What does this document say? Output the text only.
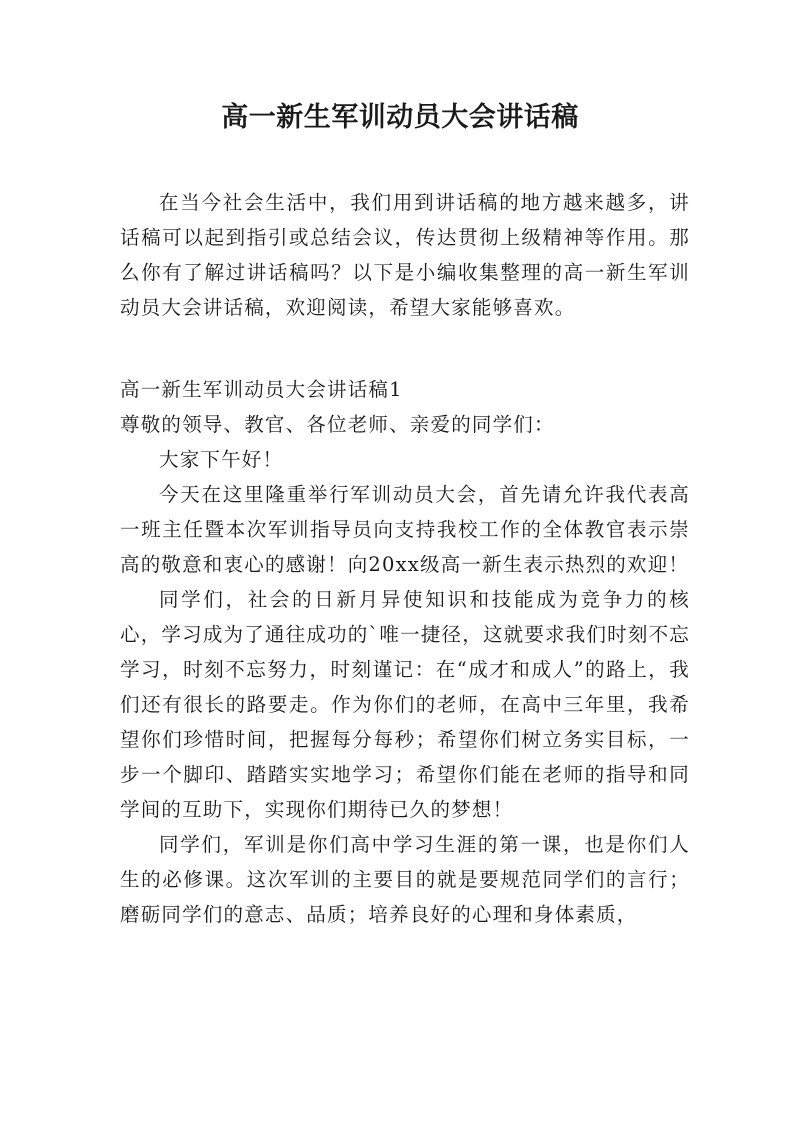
高一新生军训动员大会讲话稿

在当今社会生活中，我们用到讲话稿的地方越来越多，讲话稿可以起到指引或总结会议，传达贯彻上级精神等作用。那么你有了解过讲话稿吗？以下是小编收集整理的高一新生军训动员大会讲话稿，欢迎阅读，希望大家能够喜欢。

高一新生军训动员大会讲话稿1

尊敬的领导、教官、各位老师、亲爱的同学们：

大家下午好！

今天在这里隆重举行军训动员大会，首先请允许我代表高一班主任暨本次军训指导员向支持我校工作的全体教官表示崇高的敬意和衷心的感谢！向20xx级高一新生表示热烈的欢迎！

同学们，社会的日新月异使知识和技能成为竞争力的核心，学习成为了通往成功的`唯一捷径，这就要求我们时刻不忘学习，时刻不忘努力，时刻谨记：在“成才和成人”的路上，我们还有很长的路要走。作为你们的老师，在高中三年里，我希望你们珍惜时间，把握每分每秒；希望你们树立务实目标，一步一个脚印、踏踏实实地学习；希望你们能在老师的指导和同学间的互助下，实现你们期待已久的梦想！

同学们，军训是你们高中学习生涯的第一课，也是你们人生的必修课。这次军训的主要目的就是要规范同学们的言行；磨砺同学们的意志、品质；培养良好的心理和身体素质，
